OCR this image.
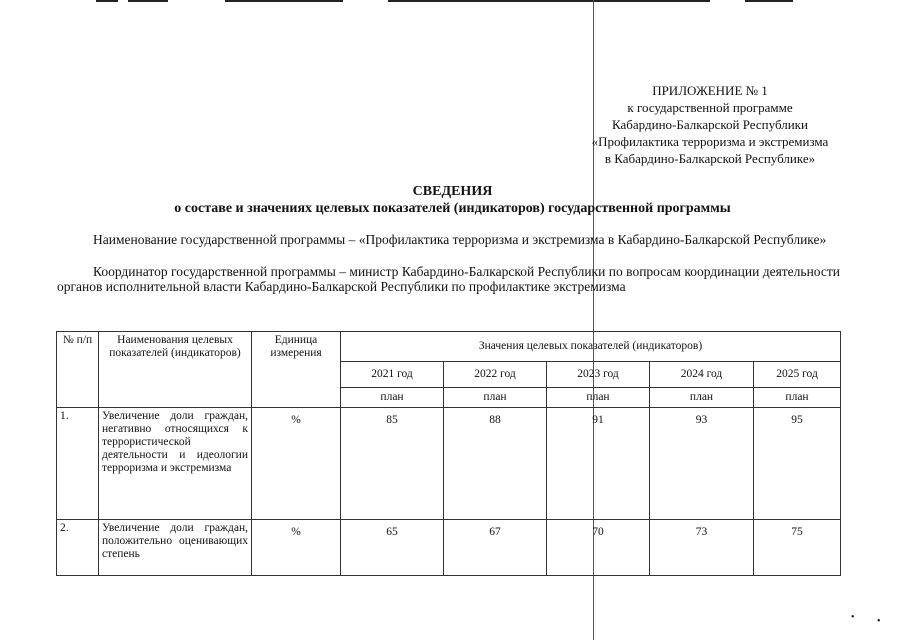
ПРИЛОЖЕНИЕ № 1
к государственной программе
Кабардино-Балкарской Республики
«Профилактика терроризма и экстремизма
в Кабардино-Балкарской Республике»
СВЕДЕНИЯ
о составе и значениях целевых показателей (индикаторов) государственной программы
Наименование государственной программы – «Профилактика терроризма и экстремизма в Кабардино-Балкарской Республике»
Координатор государственной программы – министр Кабардино-Балкарской Республики по вопросам координации деятельности органов исполнительной власти Кабардино-Балкарской Республики по профилактике экстремизма
№ п/п	Наименования целевых показателей (индикаторов)	Единица измерения	Значения целевых показателей (индикаторов)				
			2021 год	2022 год	2023 год	2024 год	2025 год
			план	план	план	план	план
1.	Увеличение доли граждан, негативно относящихся к террористической деятельности и идеологии терроризма и экстремизма	%	85	88	91	93	95
2.	Увеличение доли граждан, положительно оценивающих степень	%	65	67	70	73	75
• •
